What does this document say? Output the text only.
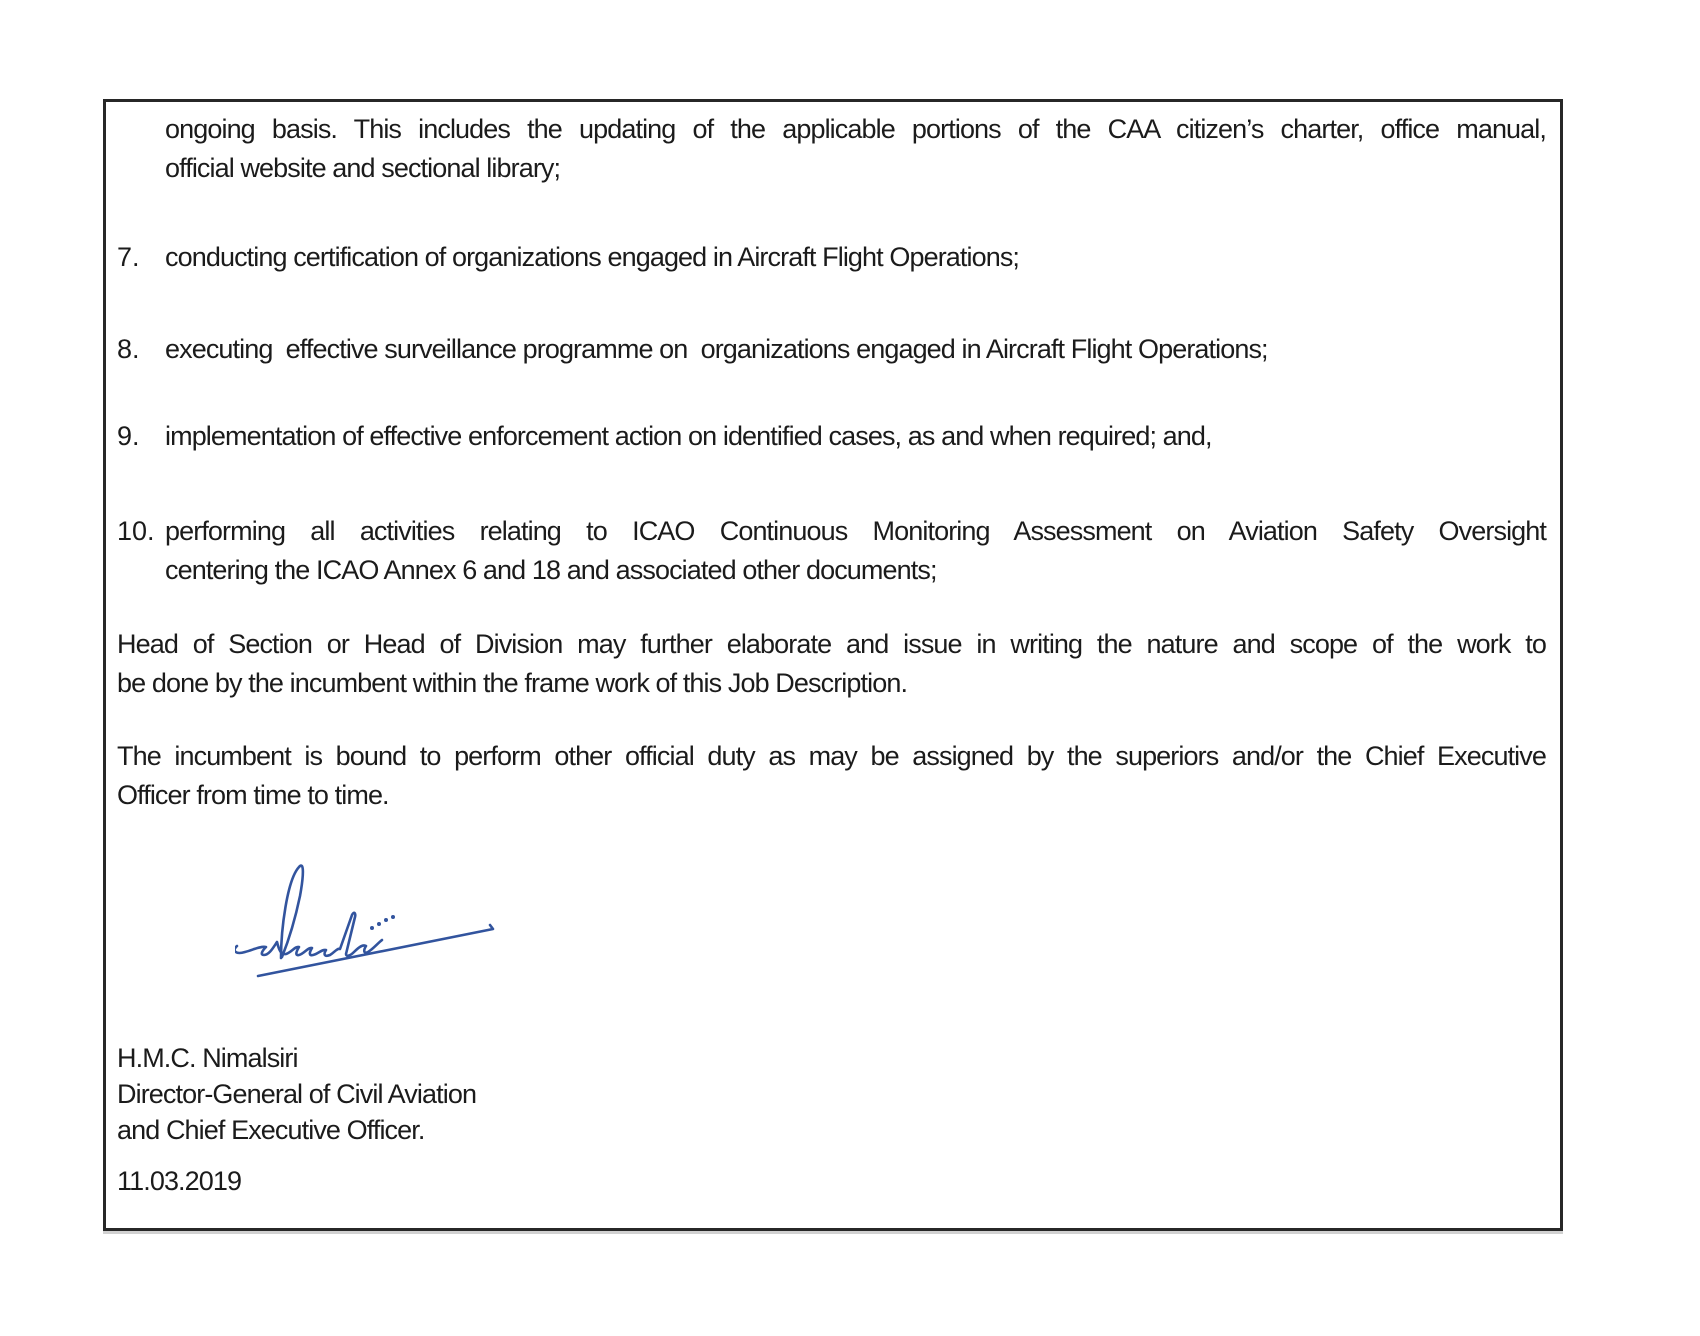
ongoing basis. This includes the updating of the applicable portions of the CAA citizen’s charter, office manual,
official website and sectional library;
7. conducting certification of organizations engaged in Aircraft Flight Operations;
8. executing  effective surveillance programme on  organizations engaged in Aircraft Flight Operations;
9. implementation of effective enforcement action on identified cases, as and when required; and,
10. performing all activities relating to ICAO Continuous Monitoring Assessment on Aviation Safety Oversight
centering the ICAO Annex 6 and 18 and associated other documents;
Head of Section or Head of Division may further elaborate and issue in writing the nature and scope of the work to
be done by the incumbent within the frame work of this Job Description.
The incumbent is bound to perform other official duty as may be assigned by the superiors and/or the Chief Executive
Officer from time to time.
H.M.C. Nimalsiri
Director-General of Civil Aviation
and Chief Executive Officer.
11.03.2019
